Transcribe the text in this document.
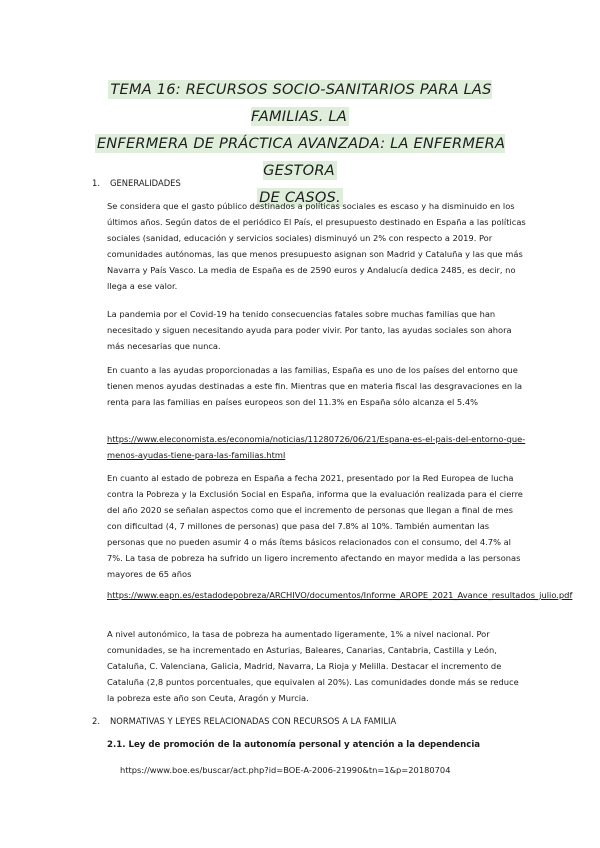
TEMA 16: RECURSOS SOCIO-SANITARIOS PARA LAS FAMILIAS. LA
ENFERMERA DE PRÁCTICA AVANZADA: LA ENFERMERA GESTORA
DE CASOS.
1. GENERALIDADES

Se considera que el gasto público destinados a políticas sociales es escaso y ha disminuido en los últimos años. Según datos de el periódico El País, el presupuesto destinado en España a las políticas sociales (sanidad, educación y servicios sociales) disminuyó un 2% con respecto a 2019. Por comunidades autónomas, las que menos presupuesto asignan son Madrid y Cataluña y las que más Navarra y País Vasco. La media de España es de 2590 euros y Andalucía dedica 2485, es decir, no llega a ese valor.

La pandemia por el Covid-19 ha tenido consecuencias fatales sobre muchas familias que han necesitado y siguen necesitando ayuda para poder vivir. Por tanto, las ayudas sociales son ahora más necesarias que nunca.

En cuanto a las ayudas proporcionadas a las familias, España es uno de los países del entorno que tienen menos ayudas destinadas a este fin. Mientras que en materia fiscal las desgravaciones en la renta para las familias en países europeos son del 11.3% en España sólo alcanza el 5.4%

https://www.eleconomista.es/economia/noticias/11280726/06/21/Espana-es-el-pais-del-entorno-que-menos-ayudas-tiene-para-las-familias.html

En cuanto al estado de pobreza en España a fecha 2021, presentado por la Red Europea de lucha contra la Pobreza y la Exclusión Social en España, informa que la evaluación realizada para el cierre del año 2020 se señalan aspectos como que el incremento de personas que llegan a final de mes con dificultad (4, 7 millones de personas) que pasa del 7.8% al 10%. También aumentan las personas que no pueden asumir 4 o más ítems básicos relacionados con el consumo, del 4.7% al 7%. La tasa de pobreza ha sufrido un ligero incremento afectando en mayor medida a las personas mayores de 65 años

https://www.eapn.es/estadodepobreza/ARCHIVO/documentos/Informe_AROPE_2021_Avance_resultados_julio.pdf

A nivel autonómico, la tasa de pobreza ha aumentado ligeramente, 1% a nivel nacional. Por comunidades, se ha incrementado en Asturias, Baleares, Canarias, Cantabria, Castilla y León, Cataluña, C. Valenciana, Galicia, Madrid, Navarra, La Rioja y Melilla. Destacar el incremento de Cataluña (2,8 puntos porcentuales, que equivalen al 20%). Las comunidades donde más se reduce la pobreza este año son Ceuta, Aragón y Murcia.

2. NORMATIVAS Y LEYES RELACIONADAS CON RECURSOS A LA FAMILIA
2.1. Ley de promoción de la autonomía personal y atención a la dependencia
https://www.boe.es/buscar/act.php?id=BOE-A-2006-21990&tn=1&p=20180704
